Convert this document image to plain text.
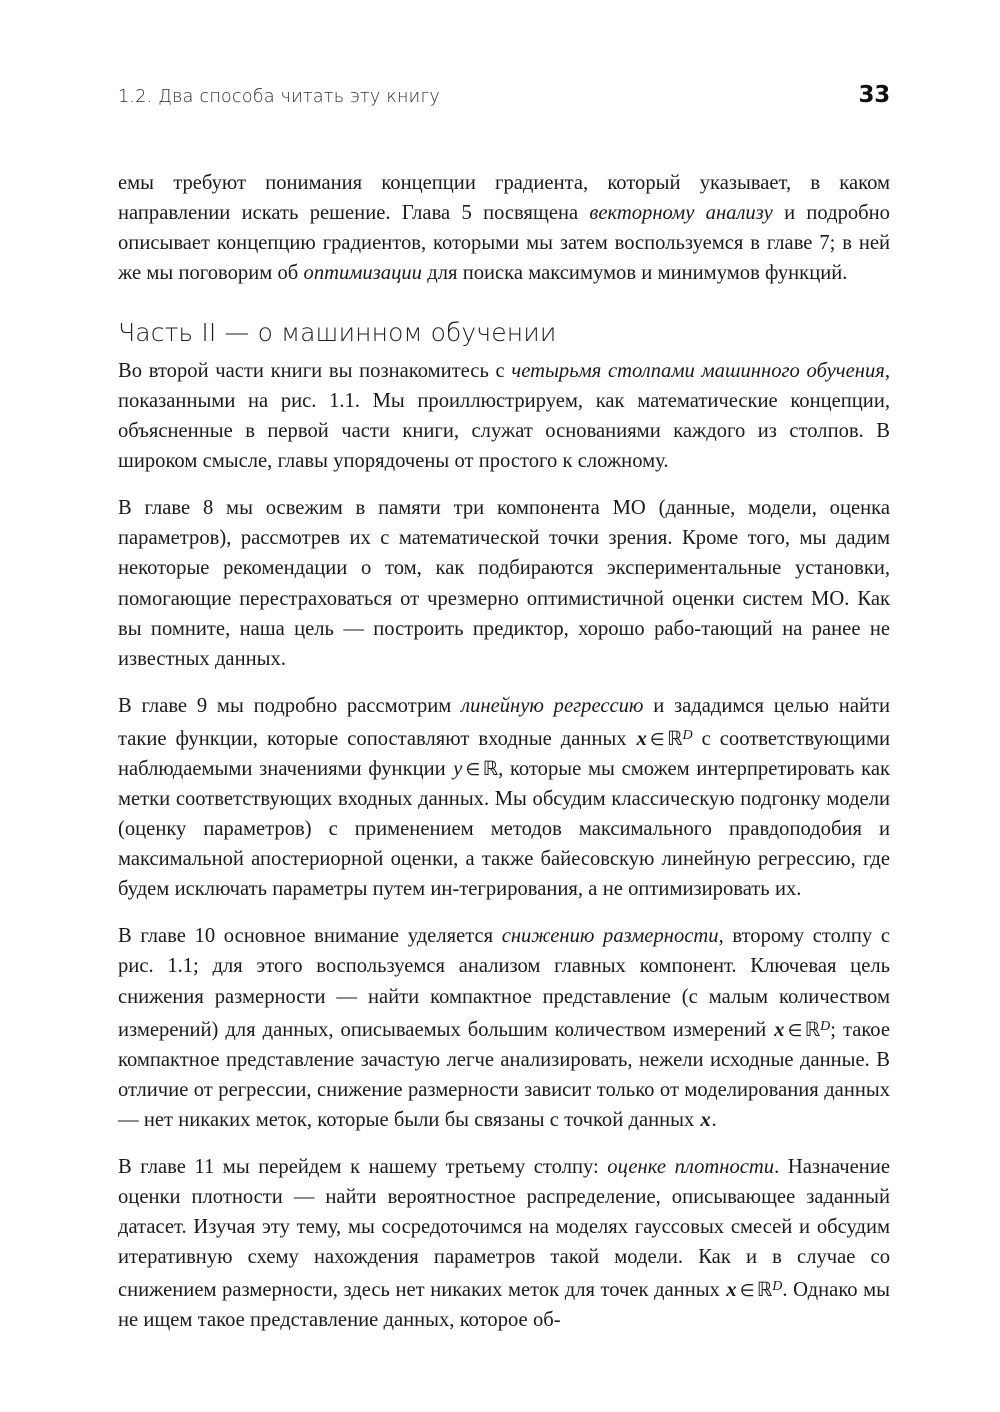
1.2. Два способа читать эту книгу	33

емы требуют понимания концепции градиента, который указывает, в каком направлении искать решение. Глава 5 посвящена векторному анализу и подробно описывает концепцию градиентов, которыми мы затем воспользуемся в главе 7; в ней же мы поговорим об оптимизации для поиска максимумов и минимумов функций.

Часть II — о машинном обучении

Во второй части книги вы познакомитесь с четырьмя столпами машинного обучения, показанными на рис. 1.1. Мы проиллюстрируем, как математические концепции, объясненные в первой части книги, служат основаниями каждого из столпов. В широком смысле, главы упорядочены от простого к сложному.

В главе 8 мы освежим в памяти три компонента МО (данные, модели, оценка параметров), рассмотрев их с математической точки зрения. Кроме того, мы дадим некоторые рекомендации о том, как подбираются экспериментальные установки, помогающие перестраховаться от чрезмерно оптимистичной оценки систем МО. Как вы помните, наша цель — построить предиктор, хорошо рабо-тающий на ранее не известных данных.

В главе 9 мы подробно рассмотрим линейную регрессию и зададимся целью найти такие функции, которые сопоставляют входные данных x ∈ ℝ$^D$ с соответствующими наблюдаемыми значениями функции y ∈ ℝ, которые мы сможем интерпретировать как метки соответствующих входных данных. Мы обсудим классическую подгонку модели (оценку параметров) с применением методов максимального правдоподобия и максимальной апостериорной оценки, а также байесовскую линейную регрессию, где будем исключать параметры путем ин-тегрирования, а не оптимизировать их.

В главе 10 основное внимание уделяется снижению размерности, второму столпу с рис. 1.1; для этого воспользуемся анализом главных компонент. Ключевая цель снижения размерности — найти компактное представление (с малым количеством измерений) для данных, описываемых большим количеством измерений x ∈ ℝ$^D$; такое компактное представление зачастую легче анализировать, нежели исходные данные. В отличие от регрессии, снижение размерности зависит только от моделирования данных — нет никаких меток, которые были бы связаны с точкой данных x.

В главе 11 мы перейдем к нашему третьему столпу: оценке плотности. Назначение оценки плотности — найти вероятностное распределение, описывающее заданный датасет. Изучая эту тему, мы сосредоточимся на моделях гауссовых смесей и обсудим итеративную схему нахождения параметров такой модели. Как и в случае со снижением размерности, здесь нет никаких меток для точек данных x ∈ ℝ$^D$. Однако мы не ищем такое представление данных, которое об-
